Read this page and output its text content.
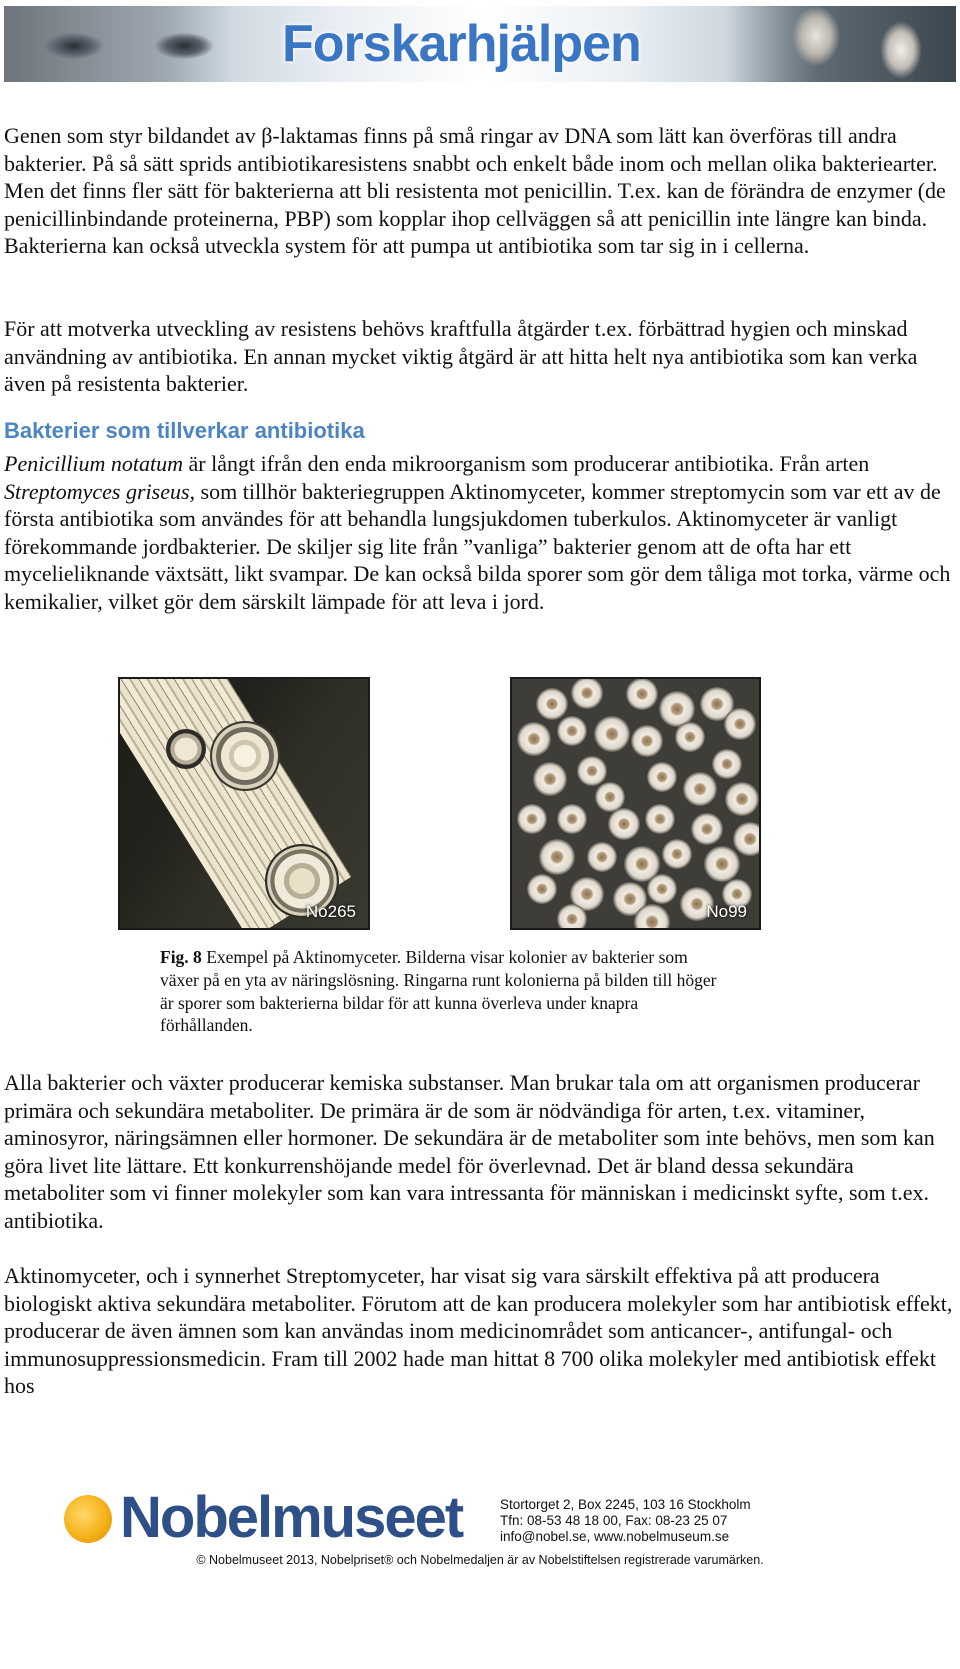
Forskarhjälpen

Genen som styr bildandet av β-laktamas finns på små ringar av DNA som lätt kan överföras till andra bakterier. På så sätt sprids antibiotikaresistens snabbt och enkelt både inom och mellan olika bakteriearter. Men det finns fler sätt för bakterierna att bli resistenta mot penicillin. T.ex. kan de förändra de enzymer (de penicillinbindande proteinerna, PBP) som kopplar ihop cellväggen så att penicillin inte längre kan binda. Bakterierna kan också utveckla system för att pumpa ut antibiotika som tar sig in i cellerna.

För att motverka utveckling av resistens behövs kraftfulla åtgärder t.ex. förbättrad hygien och minskad användning av antibiotika. En annan mycket viktig åtgärd är att hitta helt nya antibiotika som kan verka även på resistenta bakterier.

Bakterier som tillverkar antibiotika

Penicillium notatum är långt ifrån den enda mikroorganism som producerar antibiotika. Från arten Streptomyces griseus, som tillhör bakteriegruppen Aktinomyceter, kommer streptomycin som var ett av de första antibiotika som användes för att behandla lungsjukdomen tuberkulos. Aktinomyceter är vanligt förekommande jordbakterier. De skiljer sig lite från ”vanliga” bakterier genom att de ofta har ett mycelieliknande växtsätt, likt svampar. De kan också bilda sporer som gör dem tåliga mot torka, värme och kemikalier, vilket gör dem särskilt lämpade för att leva i jord.

No265	No99

Fig. 8 Exempel på Aktinomyceter. Bilderna visar kolonier av bakterier som växer på en yta av näringslösning. Ringarna runt kolonierna på bilden till höger är sporer som bakterierna bildar för att kunna överleva under knapra förhållanden.

Alla bakterier och växter producerar kemiska substanser. Man brukar tala om att organismen producerar primära och sekundära metaboliter. De primära är de som är nödvändiga för arten, t.ex. vitaminer, aminosyror, näringsämnen eller hormoner. De sekundära är de metaboliter som inte behövs, men som kan göra livet lite lättare. Ett konkurrenshöjande medel för överlevnad. Det är bland dessa sekundära metaboliter som vi finner molekyler som kan vara intressanta för människan i medicinskt syfte, som t.ex. antibiotika.

Aktinomyceter, och i synnerhet Streptomyceter, har visat sig vara särskilt effektiva på att producera biologiskt aktiva sekundära metaboliter. Förutom att de kan producera molekyler som har antibiotisk effekt, producerar de även ämnen som kan användas inom medicinområdet som anticancer-, antifungal- och immunosuppressionsmedicin. Fram till 2002 hade man hittat 8 700 olika molekyler med antibiotisk effekt hos

Nobelmuseet	Stortorget 2, Box 2245, 103 16 Stockholm
Tfn: 08-53 48 18 00, Fax: 08-23 25 07
info@nobel.se, www.nobelmuseum.se
© Nobelmuseet 2013, Nobelpriset® och Nobelmedaljen är av Nobelstiftelsen registrerade varumärken.
